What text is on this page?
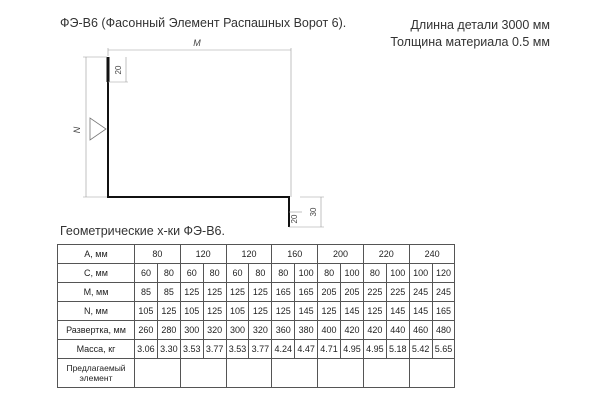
ФЭ-В6 (Фасонный Элемент Распашных Ворот 6).	Длинна детали 3000 мм
Толщина материала 0.5 мм
M
N
20
20
30
Геометрические х-ки ФЭ-В6.
А, мм	80		120		120		160		200		220		240	
С, мм	60	80	60	80	60	80	80	100	80	100	80	100	100	120
М, мм	85	85	125	125	125	125	165	165	205	205	225	225	245	245
N, мм	105	125	105	125	105	125	125	145	125	145	125	145	145	165
Развертка, мм	260	280	300	320	300	320	360	380	400	420	420	440	460	480
Масса, кг	3.06	3.30	3.53	3.77	3.53	3.77	4.24	4.47	4.71	4.95	4.95	5.18	5.42	5.65
Предлагаемый
элемент														
